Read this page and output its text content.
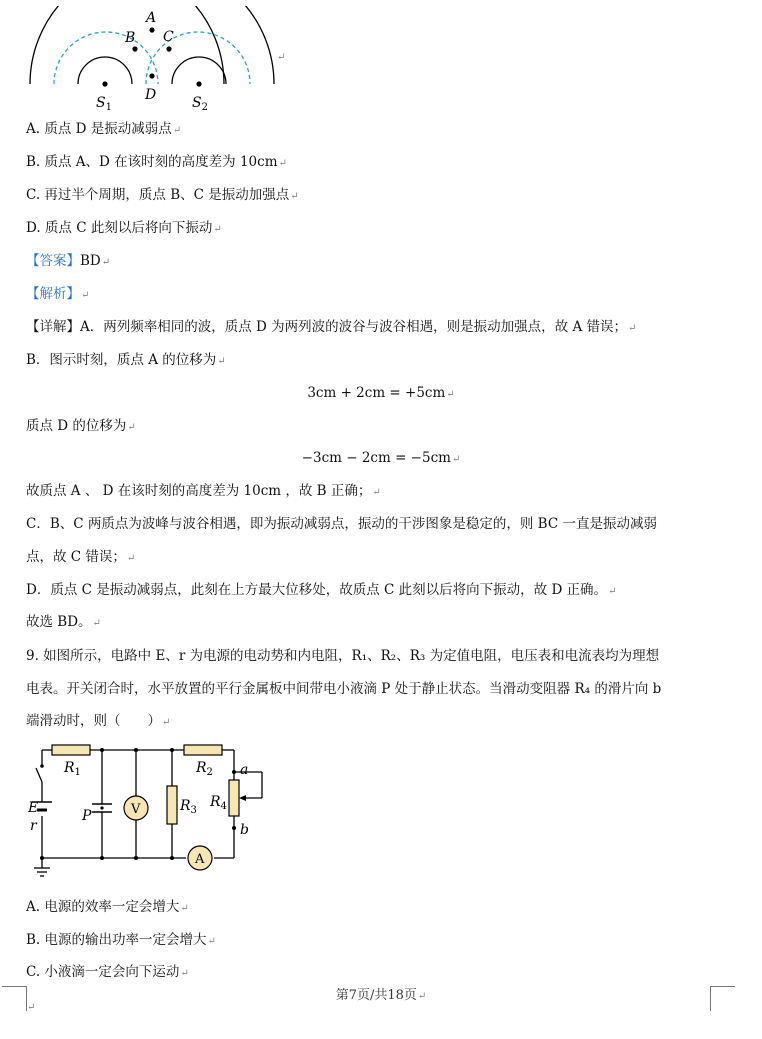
A
B C
D
$S_1$	$S_2$
↵
A. 质点 D 是振动减弱点↵
B. 质点 A、D 在该时刻的高度差为 10cm↵
C. 再过半个周期，质点 B、C 是振动加强点↵
D. 质点 C 此刻以后将向下振动↵
【答案】BD↵
【解析】↵
【详解】A．两列频率相同的波，质点 D 为两列波的波谷与波谷相遇，则是振动加强点，故 A 错误；↵
B．图示时刻，质点 A 的位移为↵
3cm + 2cm = +5cm↵
质点 D 的位移为↵
−3cm − 2cm = −5cm↵
故质点 A 、 D 在该时刻的高度差为 10cm ，故 B 正确；↵
C．B、C 两质点为波峰与波谷相遇，即为振动减弱点，振动的干涉图象是稳定的，则 BC 一直是振动减弱
点，故 C 错误；↵
D．质点 C 是振动减弱点，此刻在上方最大位移处，故质点 C 此刻以后将向下振动，故 D 正确。↵
故选 BD。↵
9. 如图所示，电路中 E、r 为电源的电动势和内电阻，R₁、R₂、R₃ 为定值电阻，电压表和电流表均为理想
电表。开关闭合时，水平放置的平行金属板中间带电小液滴 P 处于静止状态。当滑动变阻器 R₄ 的滑片向 b
端滑动时，则（　　）↵
V
A
$R_1$	$R_2$
$R_3$
$R_4$
E
r
P
a
b
A. 电源的效率一定会增大↵
B. 电源的输出功率一定会增大↵
C. 小液滴一定会向下运动↵
↵
第7页/共18页↵
